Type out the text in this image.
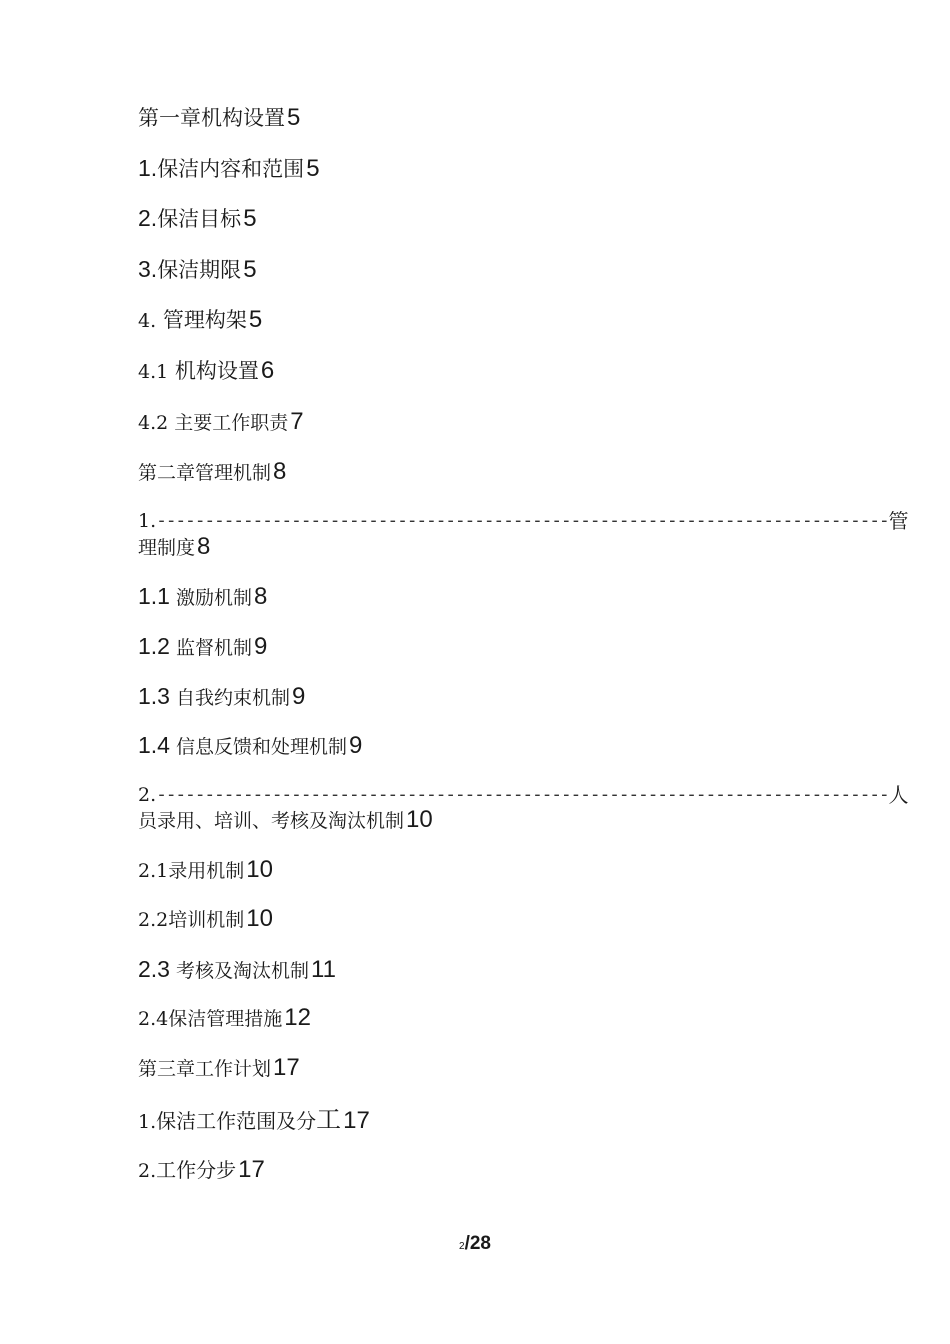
第一章机构设置5
1.保洁内容和范围5
2.保洁目标5
3.保洁期限5
4. 管理构架5
4.1 机构设置6
4.2 主要工作职责7
第二章管理机制8
1. ---------------------------------------------------------------------------- 管
理制度8
1.1 激励机制8
1.2 监督机制9
1.3 自我约束机制9
1.4 信息反馈和处理机制9
2. ---------------------------------------------------------------------------- 人
员录用、培训、考核及淘汰机制10
2.1录用机制10
2.2培训机制10
2.3 考核及淘汰机制11
2.4保洁管理措施12
第三章工作计划17
1.保洁工作范围及分工17
2.工作分步17
2/28
